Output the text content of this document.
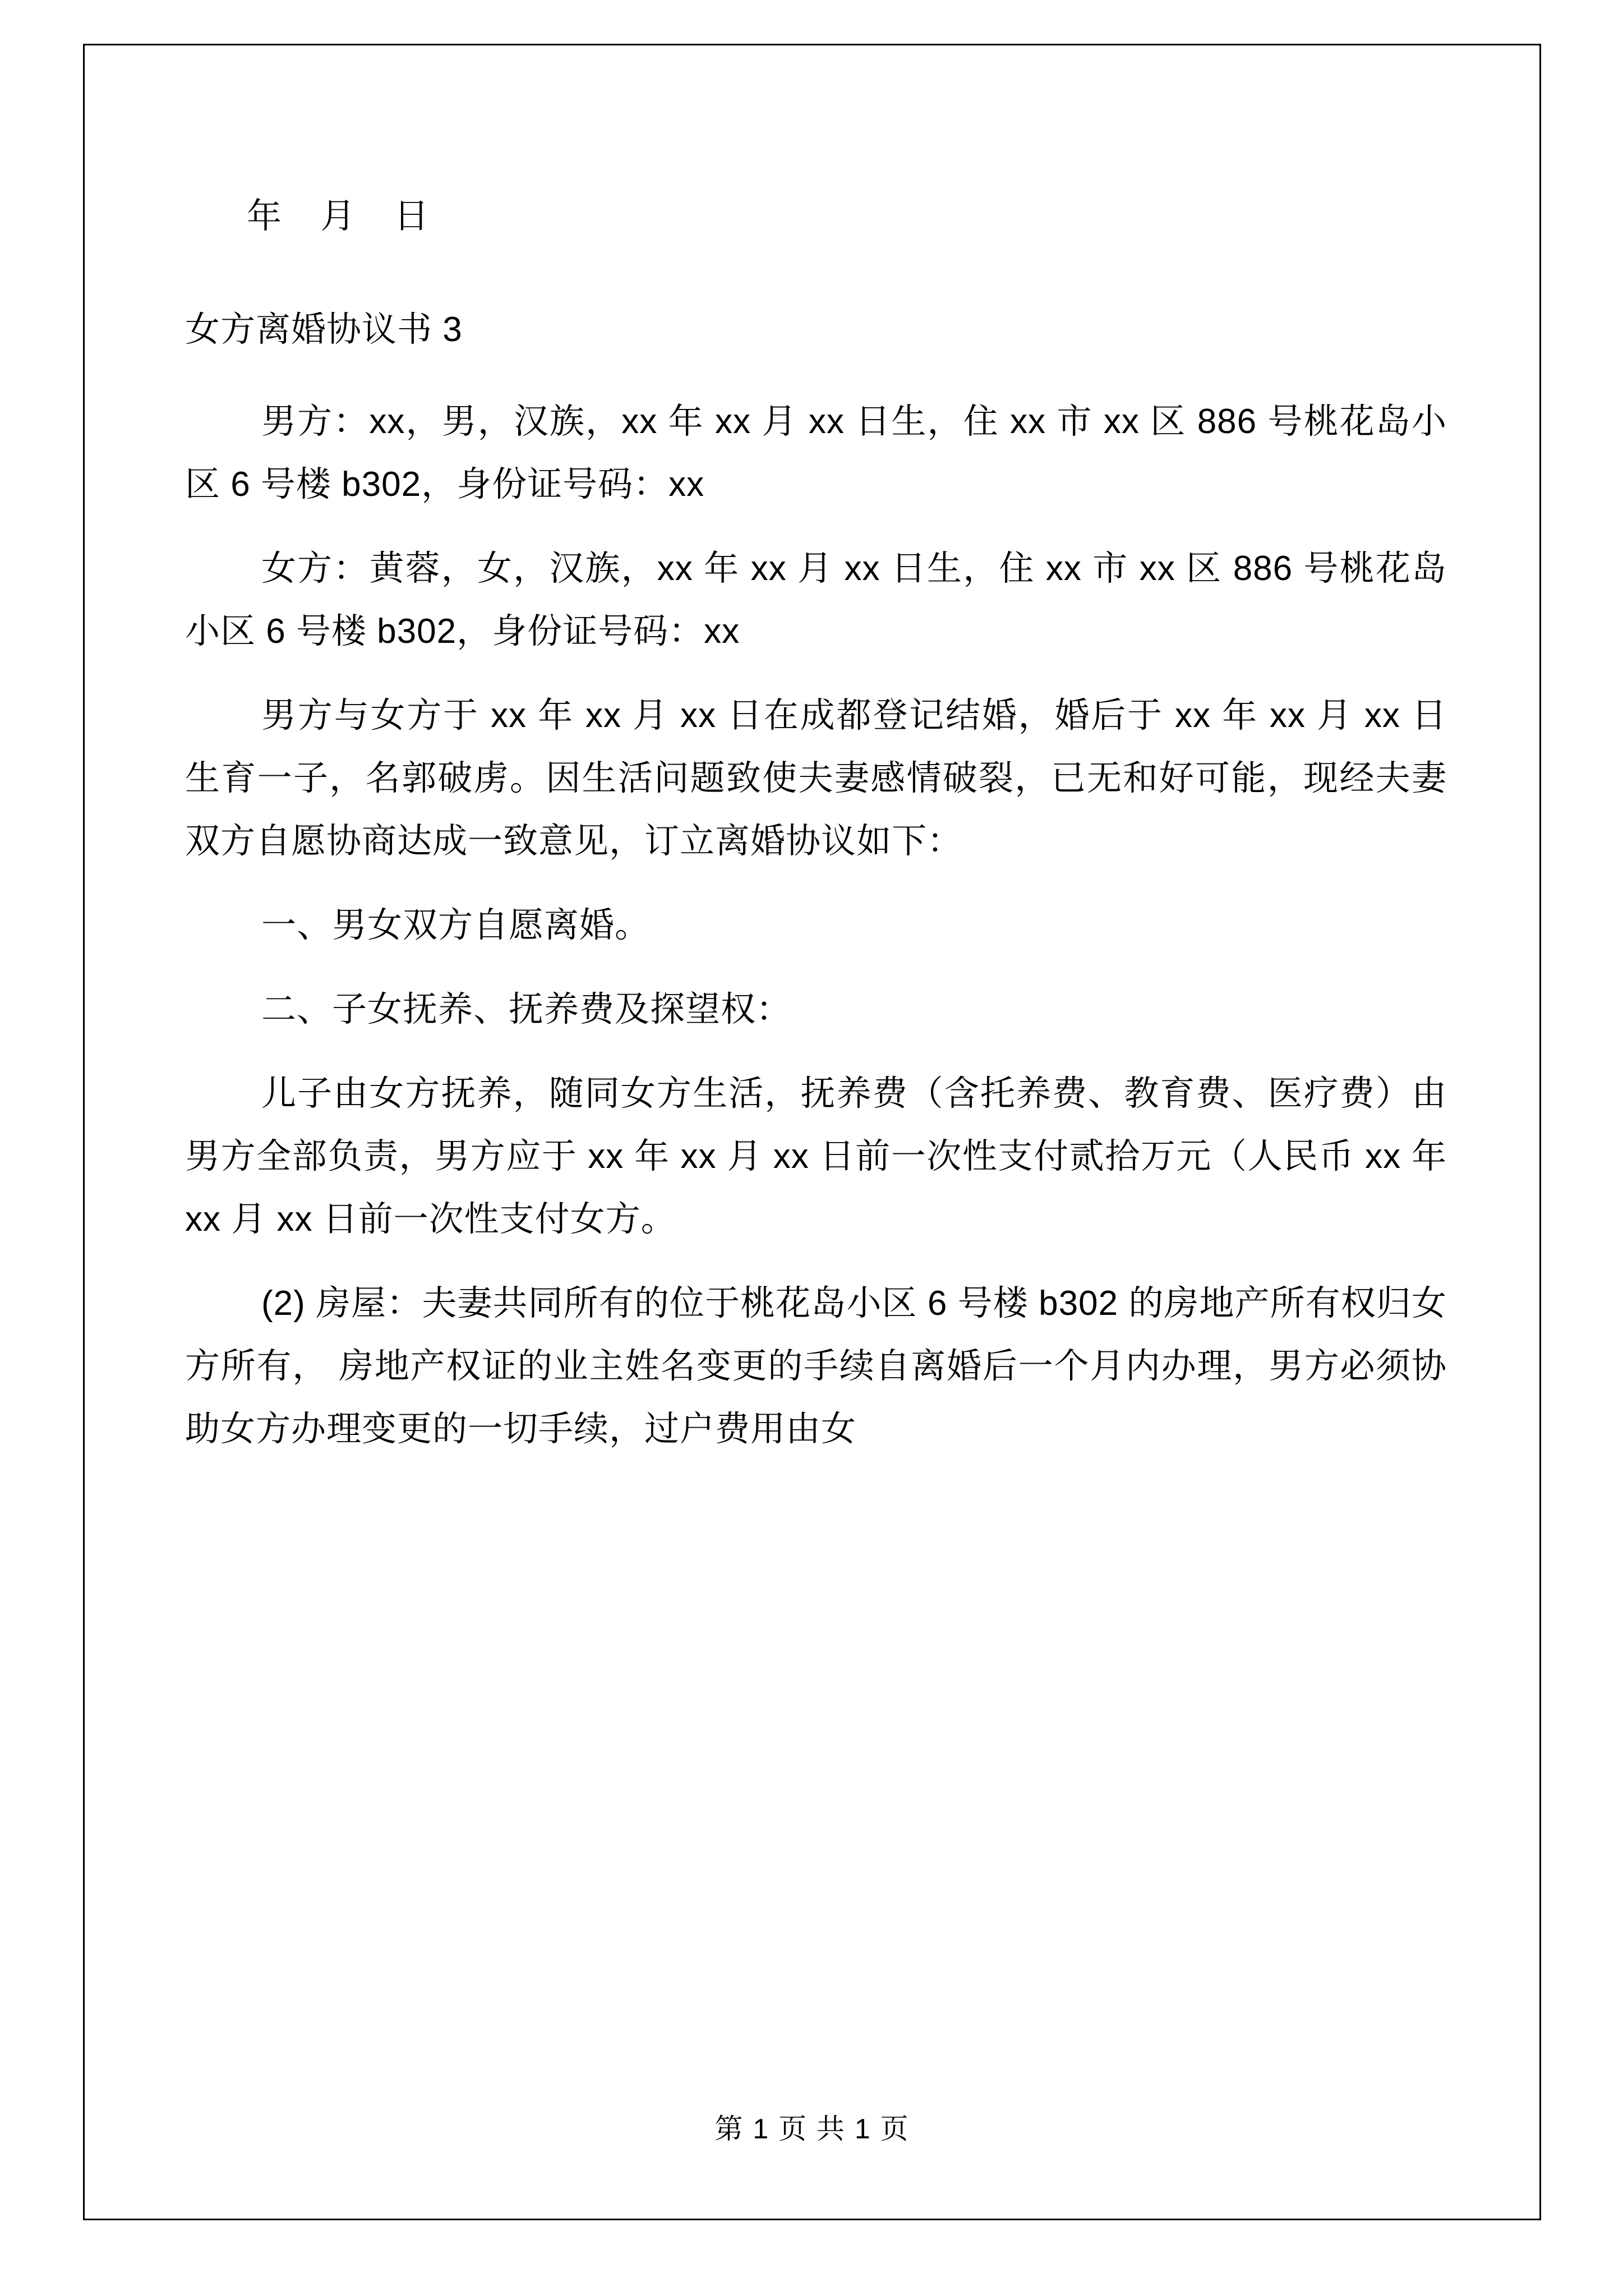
年 月 日

女方离婚协议书 3

男方：xx，男，汉族，xx 年 xx 月 xx 日生，住 xx 市 xx 区 886 号桃花岛小区 6 号楼 b302，身份证号码：xx

女方：黄蓉，女，汉族，xx 年 xx 月 xx 日生，住 xx 市 xx 区 886 号桃花岛小区 6 号楼 b302，身份证号码：xx

男方与女方于 xx 年 xx 月 xx 日在成都登记结婚，婚后于 xx 年 xx 月 xx 日生育一子，名郭破虏。因生活问题致使夫妻感情破裂，已无和好可能，现经夫妻双方自愿协商达成一致意见，订立离婚协议如下：

一、男女双方自愿离婚。

二、子女抚养、抚养费及探望权：

儿子由女方抚养，随同女方生活，抚养费（含托养费、教育费、医疗费）由男方全部负责，男方应于 xx 年 xx 月 xx 日前一次性支付贰拾万元（人民币 xx 年 xx 月 xx 日前一次性支付女方。

(2) 房屋：夫妻共同所有的位于桃花岛小区 6 号楼 b302 的房地产所有权归女方所有， 房地产权证的业主姓名变更的手续自离婚后一个月内办理，男方必须协助女方办理变更的一切手续，过户费用由女

第 1 页 共 1 页
